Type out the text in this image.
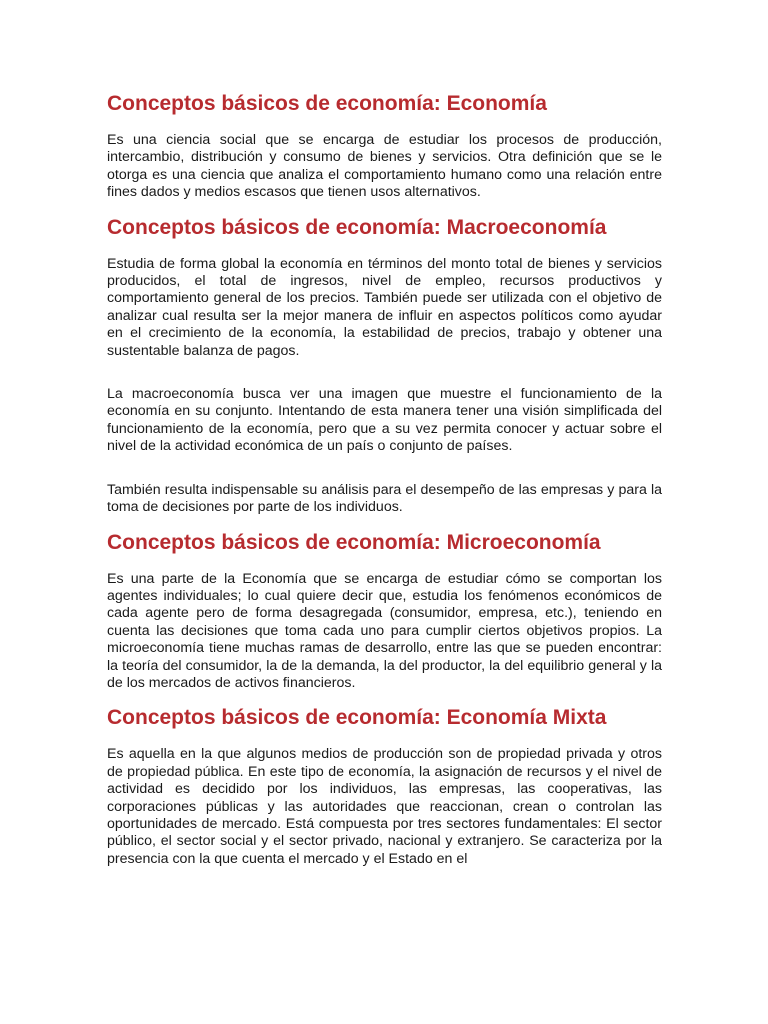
Conceptos básicos de economía: Economía

Es una ciencia social que se encarga de estudiar los procesos de producción, intercambio, distribución y consumo de bienes y servicios. Otra definición que se le otorga es una ciencia que analiza el comportamiento humano como una relación entre fines dados y medios escasos que tienen usos alternativos.

Conceptos básicos de economía: Macroeconomía

Estudia de forma global la economía en términos del monto total de bienes y servicios producidos, el total de ingresos, nivel de empleo, recursos productivos y comportamiento general de los precios. También puede ser utilizada con el objetivo de analizar cual resulta ser la mejor manera de influir en aspectos políticos como ayudar en el crecimiento de la economía, la estabilidad de precios, trabajo y obtener una sustentable balanza de pagos.

La macroeconomía busca ver una imagen que muestre el funcionamiento de la economía en su conjunto. Intentando de esta manera tener una visión simplificada del funcionamiento de la economía, pero que a su vez permita conocer y actuar sobre el nivel de la actividad económica de un país o conjunto de países.

También resulta indispensable su análisis para el desempeño de las empresas y para la toma de decisiones por parte de los individuos.

Conceptos básicos de economía: Microeconomía

Es una parte de la Economía que se encarga de estudiar cómo se comportan los agentes individuales; lo cual quiere decir que, estudia los fenómenos económicos de cada agente pero de forma desagregada (consumidor, empresa, etc.), teniendo en cuenta las decisiones que toma cada uno para cumplir ciertos objetivos propios. La microeconomía tiene muchas ramas de desarrollo, entre las que se pueden encontrar: la teoría del consumidor, la de la demanda, la del productor, la del equilibrio general y la de los mercados de activos financieros.

Conceptos básicos de economía: Economía Mixta

Es aquella en la que algunos medios de producción son de propiedad privada y otros de propiedad pública. En este tipo de economía, la asignación de recursos y el nivel de actividad es decidido por los individuos, las empresas, las cooperativas, las corporaciones públicas y las autoridades que reaccionan, crean o controlan las oportunidades de mercado. Está compuesta por tres sectores fundamentales: El sector público, el sector social y el sector privado, nacional y extranjero. Se caracteriza por la presencia con la que cuenta el mercado y el Estado en el
